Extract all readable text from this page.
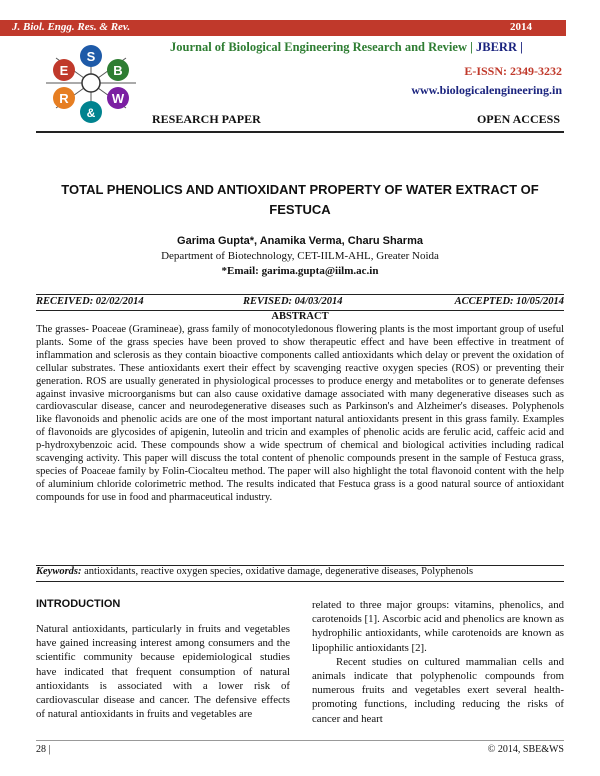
J. Biol. Engg. Res. & Rev.	2014
S
B
E
R	W
&
Journal of Biological Engineering Research and Review | JBERR |
E-ISSN: 2349-3232
www.biologicalengineering.in
RESEARCH PAPER	OPEN ACCESS
TOTAL PHENOLICS AND ANTIOXIDANT PROPERTY OF WATER EXTRACT OF FESTUCA
Garima Gupta*, Anamika Verma, Charu Sharma
Department of Biotechnology, CET-IILM-AHL, Greater Noida
*Email: garima.gupta@iilm.ac.in
RECEIVED: 02/02/2014	REVISED: 04/03/2014	ACCEPTED: 10/05/2014
ABSTRACT

The grasses- Poaceae (Gramineae), grass family of monocotyledonous flowering plants is the most important group of useful plants. Some of the grass species have been proved to show therapeutic effect and have been effective in treatment of inflammation and sclerosis as they contain bioactive components called antioxidants which delay or prevent the oxidation of cellular substrates. These antioxidants exert their effect by scavenging reactive oxygen species (ROS) or preventing their generation. ROS are usually generated in physiological processes to produce energy and metabolites or to generate defenses against invasive microorganisms but can also cause oxidative damage associated with many degenerative diseases such as cardiovascular disease, cancer and neurodegenerative diseases such as Parkinson's and Alzheimer's diseases. Polyphenols like flavonoids and phenolic acids are one of the most important natural antioxidants present in this grass family. Examples of flavonoids are glycosides of apigenin, luteolin and tricin and examples of phenolic acids are ferulic acid, caffeic acid and p-hydroxybenzoic acid. These compounds show a wide spectrum of chemical and biological activities including radical scavenging activity. This paper will discuss the total content of phenolic compounds present in the sample of Festuca grass, species of Poaceae family by Folin-Ciocalteu method. The paper will also highlight the total flavonoid content with the help of aluminium chloride colorimetric method. The results indicated that Festuca grass is a good natural source of antioxidant compounds for use in food and pharmaceutical industry.

Keywords: antioxidants, reactive oxygen species, oxidative damage, degenerative diseases, Polyphenols
INTRODUCTION

Natural antioxidants, particularly in fruits and vegetables have gained increasing interest among consumers and the scientific community because epidemiological studies have indicated that frequent consumption of natural antioxidants is associated with a lower risk of cardiovascular disease and cancer. The defensive effects of natural antioxidants in fruits and vegetables are

related to three major groups: vitamins, phenolics, and carotenoids [1]. Ascorbic acid and phenolics are known as hydrophilic antioxidants, while carotenoids are known as lipophilic antioxidants [2].
Recent studies on cultured mammalian cells and animals indicate that polyphenolic compounds from numerous fruits and vegetables exert several health-promoting functions, including reducing the risks of cancer and heart
28 |	© 2014, SBE&WS
